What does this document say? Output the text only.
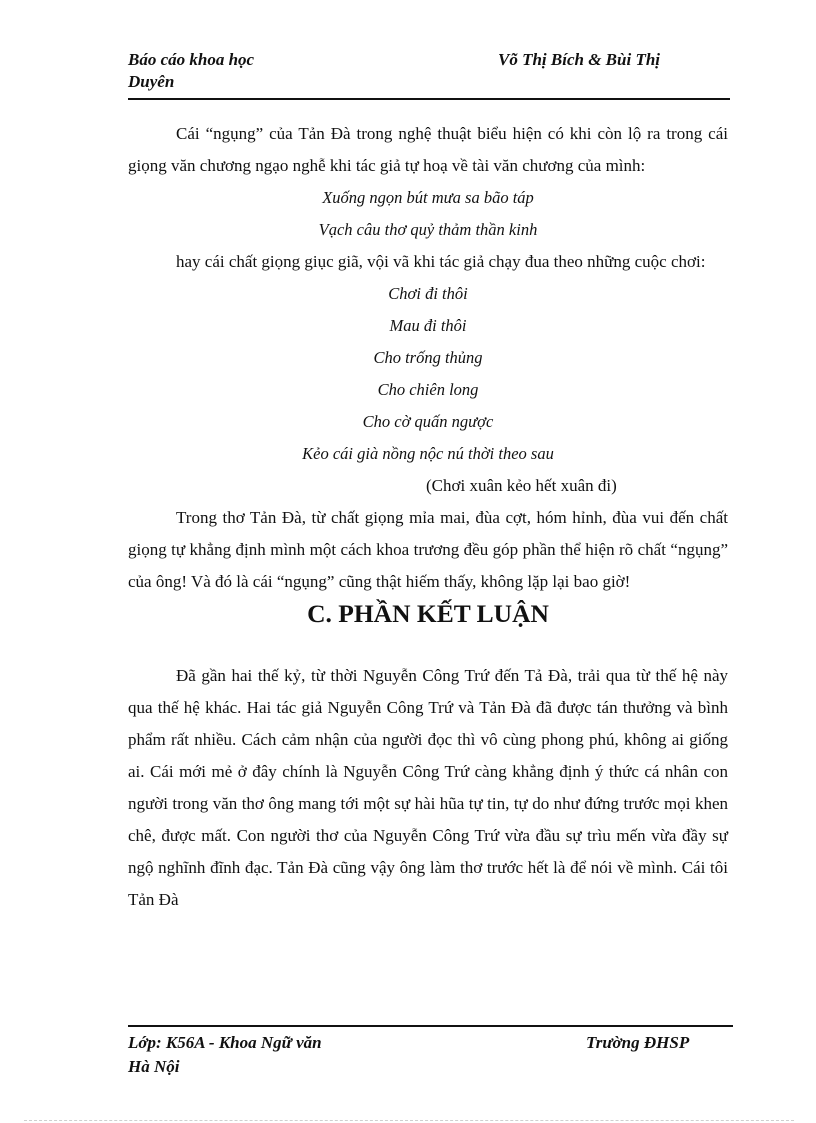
Báo cáo khoa học	Võ Thị Bích & Bùi Thị
Duyên

Cái “ngụng” của Tản Đà trong nghệ thuật biểu hiện có khi còn lộ ra trong cái giọng văn chương ngạo nghễ khi tác giả tự hoạ về tài văn chương của mình:

Xuống ngọn bút mưa sa bão táp

Vạch câu thơ quỷ thảm thần kinh

hay cái chất giọng giục giã, vội vã khi tác giả chạy đua theo những cuộc chơi:

Chơi đi thôi

Mau đi thôi

Cho trống thủng

Cho chiên long

Cho cờ quấn ngược

Kẻo cái già nồng nộc nú thời theo sau

(Chơi xuân kẻo hết xuân đi)

Trong thơ Tản Đà, từ chất giọng mỉa mai, đùa cợt, hóm hỉnh, đùa vui đến chất giọng tự khẳng định mình một cách khoa trương đều góp phần thể hiện rõ chất “ngụng” của ông! Và đó là cái “ngụng” cũng thật hiếm thấy, không lặp lại bao giờ!

C. PHẦN KẾT LUẬN

Đã gần hai thế kỷ, từ thời Nguyễn Công Trứ đến Tả Đà, trải qua từ thế hệ này qua thế hệ khác. Hai tác giả Nguyễn Công Trứ và Tản Đà đã được tán thưởng và bình phẩm rất nhiều. Cách cảm nhận của người đọc thì vô cùng phong phú, không ai giống ai. Cái mới mẻ ở đây chính là Nguyễn Công Trứ càng khẳng định ý thức cá nhân con người trong văn thơ ông mang tới một sự hài hũa tự tin, tự do như đứng trước mọi khen chê, được mất. Con người thơ của Nguyễn Công Trứ vừa đầu sự trìu mến vừa đầy sự ngộ nghĩnh đĩnh đạc. Tản Đà cũng vậy ông làm thơ trước hết là để nói về mình. Cái tôi Tản Đà

Lớp: K56A - Khoa Ngữ văn	Trường ĐHSP
Hà Nội
